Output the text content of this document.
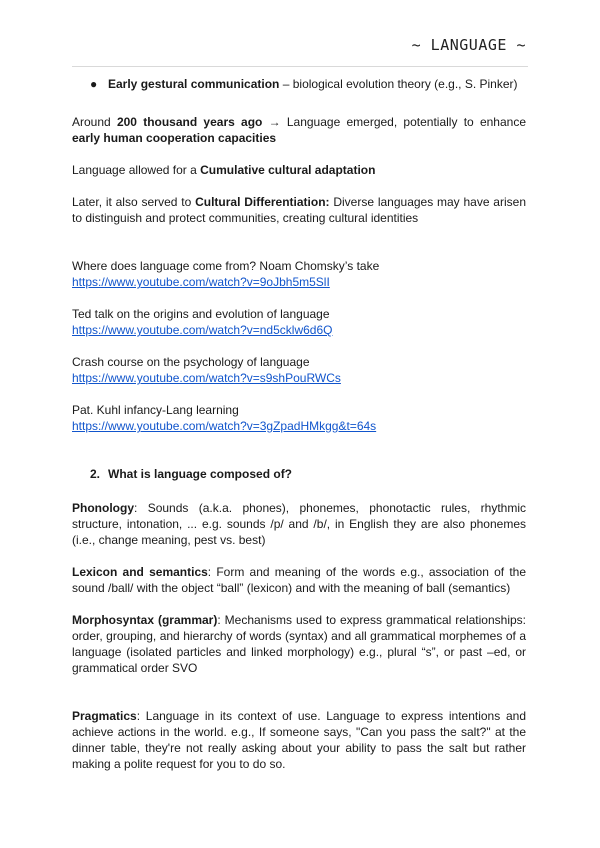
~ LANGUAGE ~
● Early gestural communication – biological evolution theory (e.g., S. Pinker)

Around 200 thousand years ago → Language emerged, potentially to enhance early human cooperation capacities

Language allowed for a Cumulative cultural adaptation

Later, it also served to Cultural Differentiation: Diverse languages may have arisen to distinguish and protect communities, creating cultural identities

Where does language come from? Noam Chomsky’s take

https://www.youtube.com/watch?v=9oJbh5m5SlI

Ted talk on the origins and evolution of language

https://www.youtube.com/watch?v=nd5cklw6d6Q

Crash course on the psychology of language

https://www.youtube.com/watch?v=s9shPouRWCs

Pat. Kuhl infancy-Lang learning

https://www.youtube.com/watch?v=3gZpadHMkgg&t=64s

2. What is language composed of?

Phonology: Sounds (a.k.a. phones), phonemes, phonotactic rules, rhythmic structure, intonation, ... e.g. sounds /p/ and /b/, in English they are also phonemes (i.e., change meaning, pest vs. best)

Lexicon and semantics: Form and meaning of the words e.g., association of the sound /ball/ with the object “ball” (lexicon) and with the meaning of ball (semantics)

Morphosyntax (grammar): Mechanisms used to express grammatical relationships: order, grouping, and hierarchy of words (syntax) and all grammatical morphemes of a language (isolated particles and linked morphology) e.g., plural “s”, or past –ed, or grammatical order SVO

Pragmatics: Language in its context of use. Language to express intentions and achieve actions in the world. e.g., If someone says, "Can you pass the salt?" at the dinner table, they're not really asking about your ability to pass the salt but rather making a polite request for you to do so.
